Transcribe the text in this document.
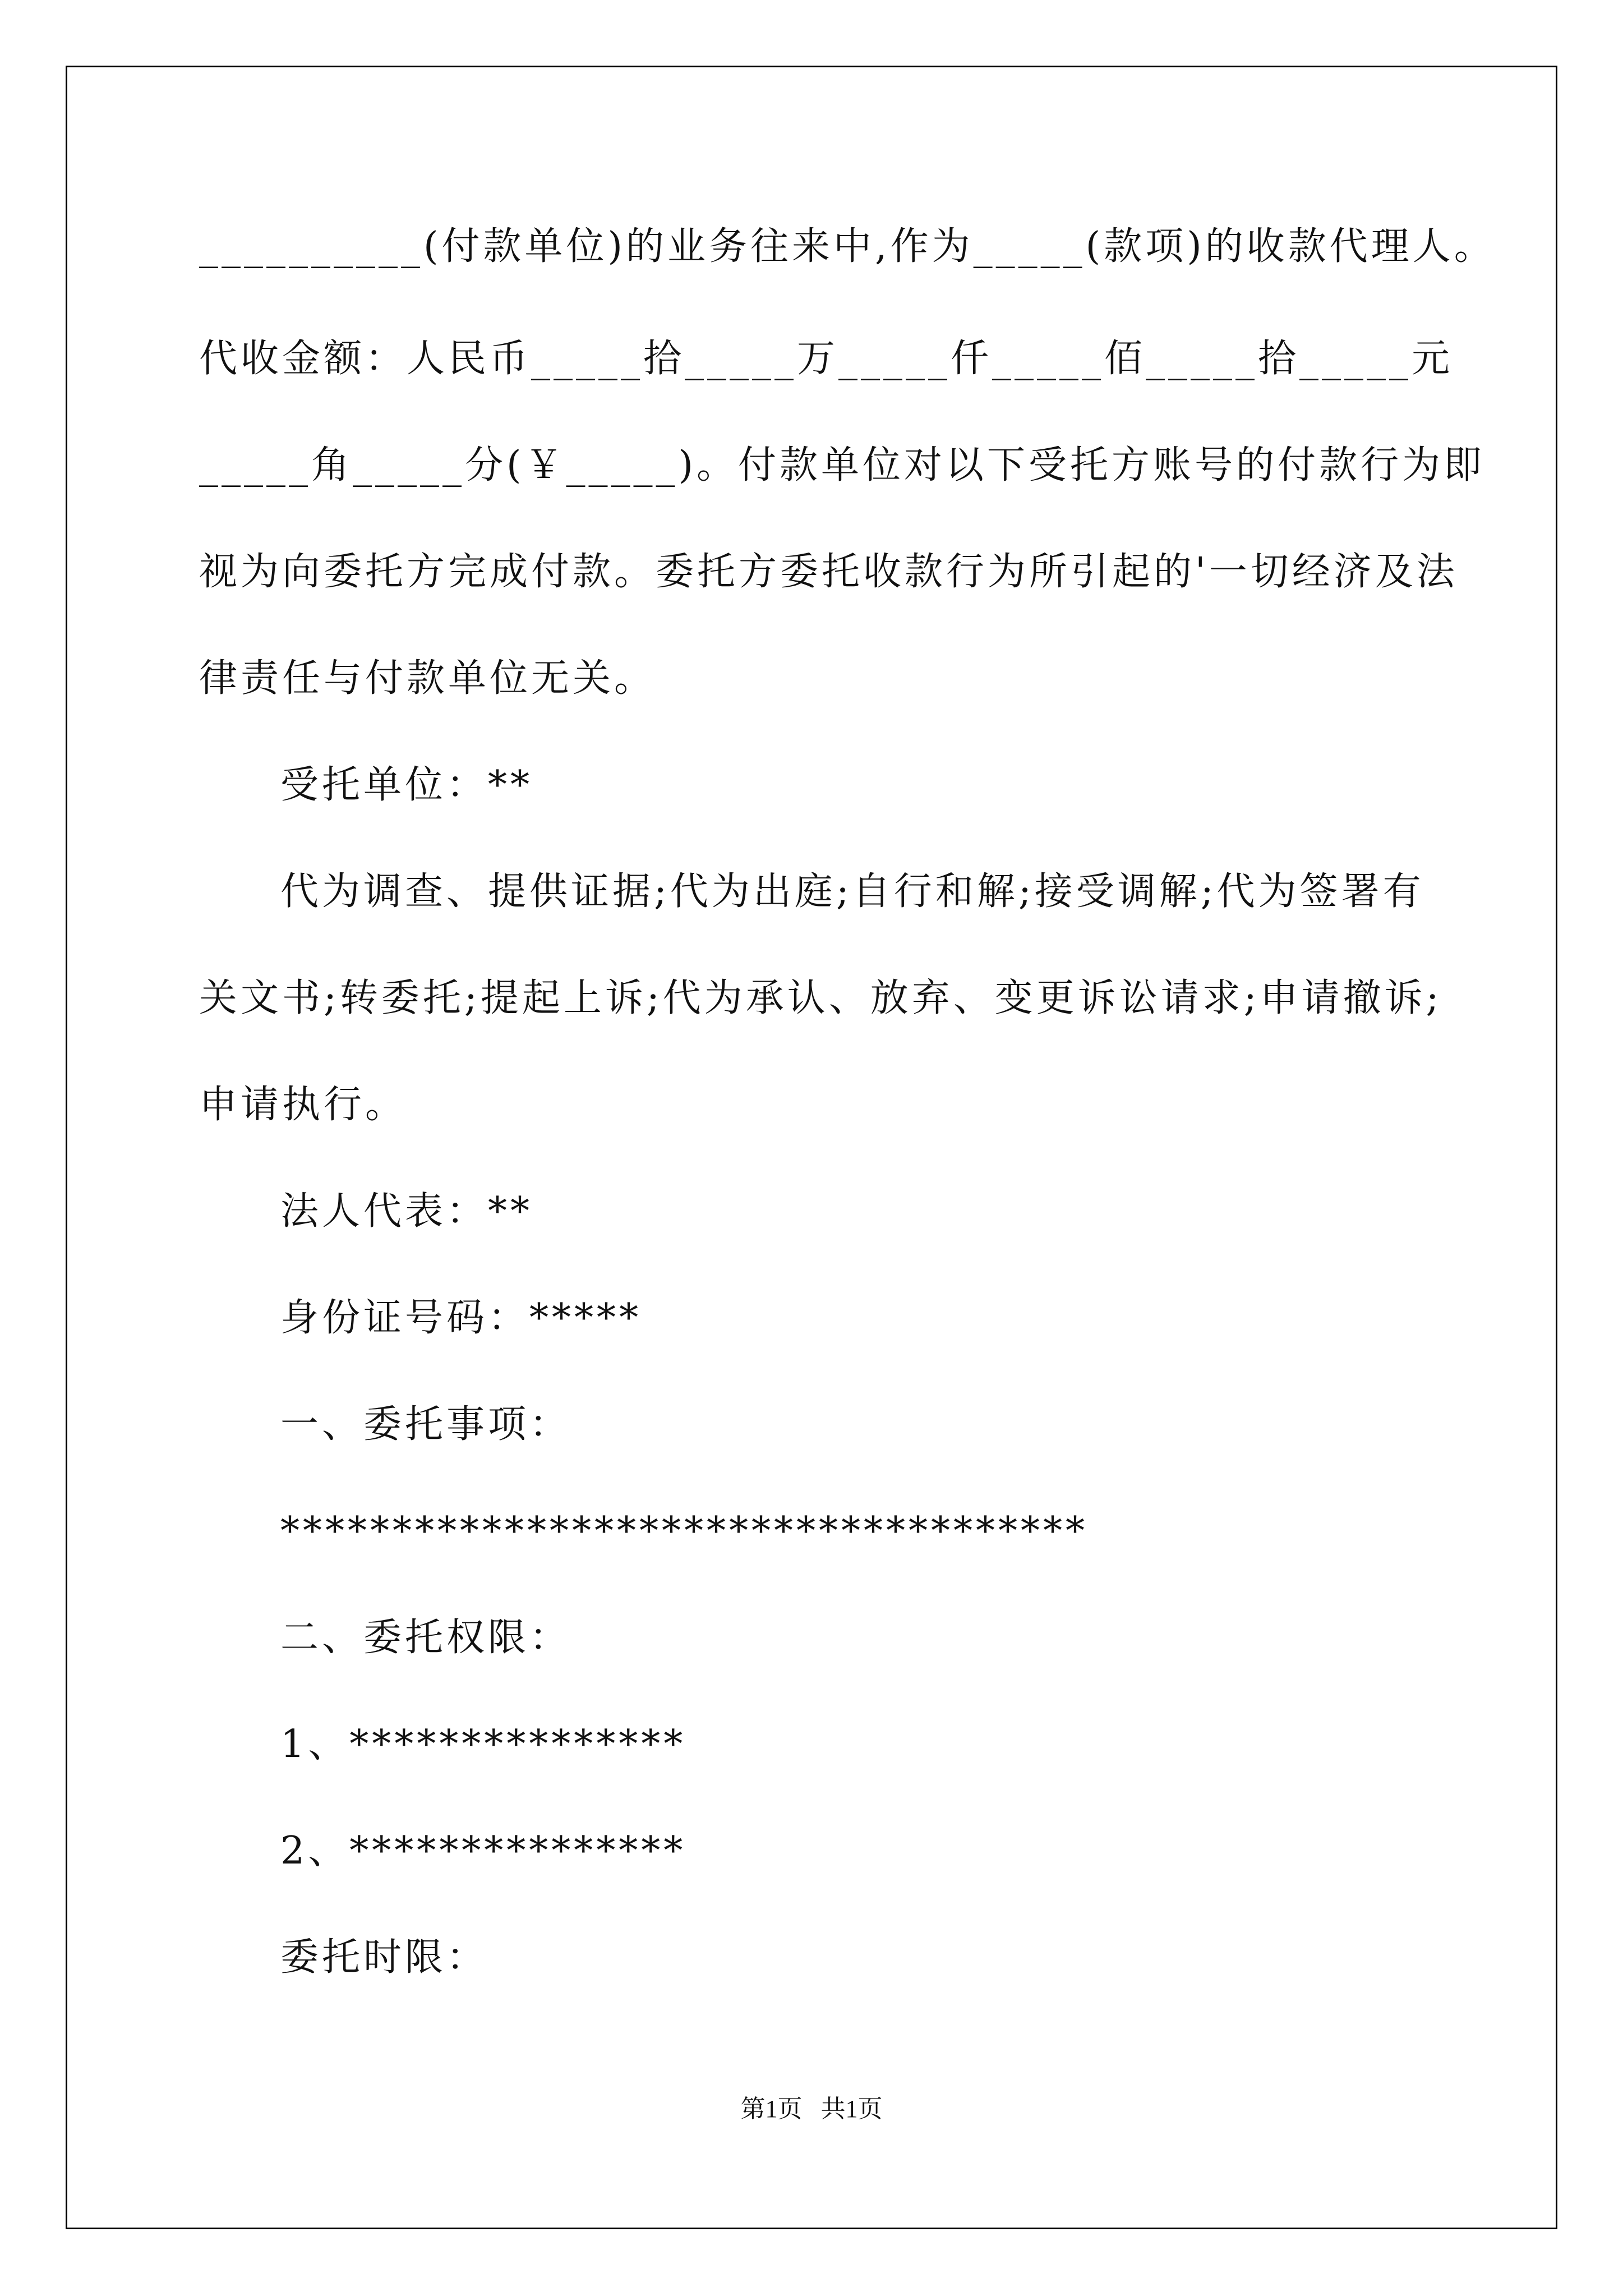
__________(付款单位)的业务往来中,作为_____(款项)的收款代理人。
代收金额：人民币_____拾_____万_____仟_____佰_____拾_____元
_____角_____分(￥_____)。付款单位对以下受托方账号的付款行为即
视为向委托方完成付款。委托方委托收款行为所引起的'一切经济及法
律责任与付款单位无关。
受托单位：**
代为调查、提供证据;代为出庭;自行和解;接受调解;代为签署有
关文书;转委托;提起上诉;代为承认、放弃、变更诉讼请求;申请撤诉;
申请执行。
法人代表：**
身份证号码：*****
一、委托事项：
************************************
二、委托权限：
1、***************
2、***************
委托时限：
第1页   共1页
